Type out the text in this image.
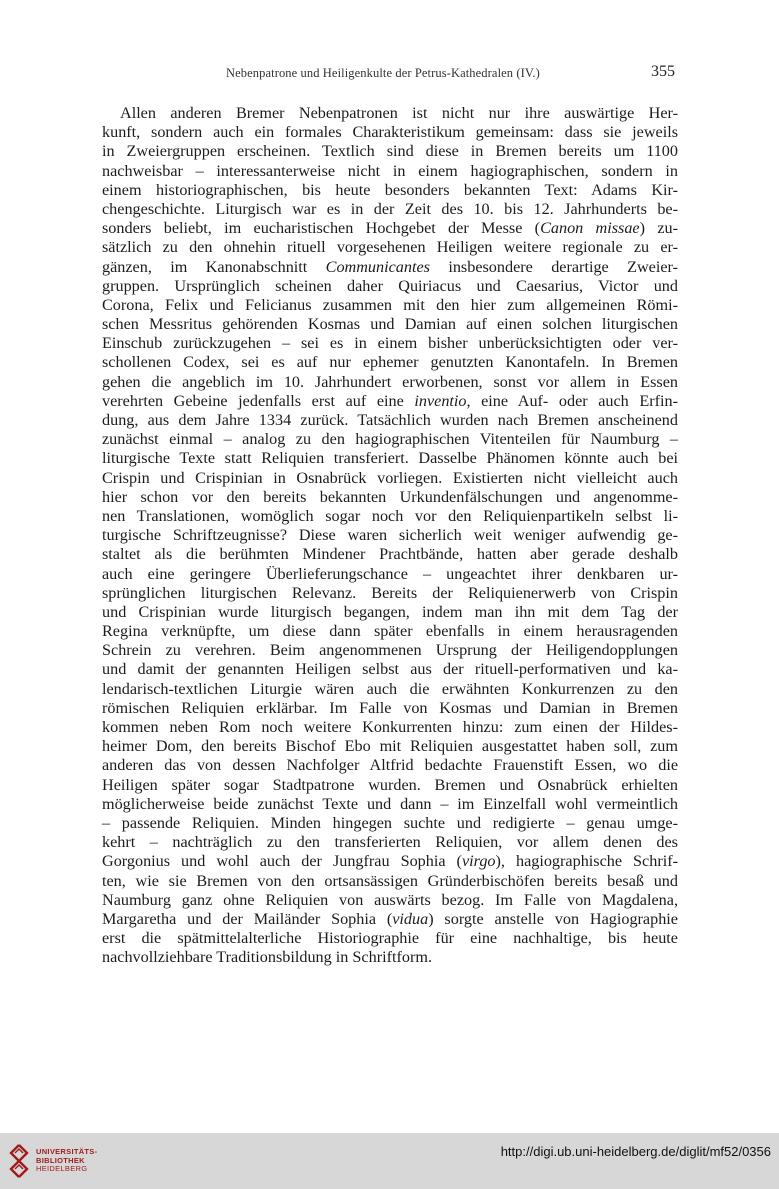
Nebenpatrone und Heiligenkulte der Petrus-Kathedralen (IV.)	355
Allen anderen Bremer Nebenpatronen ist nicht nur ihre auswärtige Her-
kunft, sondern auch ein formales Charakteristikum gemeinsam: dass sie jeweils
in Zweiergruppen erscheinen. Textlich sind diese in Bremen bereits um 1100
nachweisbar – interessanterweise nicht in einem hagiographischen, sondern in
einem historiographischen, bis heute besonders bekannten Text: Adams Kir-
chengeschichte. Liturgisch war es in der Zeit des 10. bis 12. Jahrhunderts be-
sonders beliebt, im eucharistischen Hochgebet der Messe (Canon missae) zu-
sätzlich zu den ohnehin rituell vorgesehenen Heiligen weitere regionale zu er-
gänzen, im Kanonabschnitt Communicantes insbesondere derartige Zweier-
gruppen. Ursprünglich scheinen daher Quiriacus und Caesarius, Victor und
Corona, Felix und Felicianus zusammen mit den hier zum allgemeinen Römi-
schen Messritus gehörenden Kosmas und Damian auf einen solchen liturgischen
Einschub zurückzugehen – sei es in einem bisher unberücksichtigten oder ver-
schollenen Codex, sei es auf nur ephemer genutzten Kanontafeln. In Bremen
gehen die angeblich im 10. Jahrhundert erworbenen, sonst vor allem in Essen
verehrten Gebeine jedenfalls erst auf eine inventio, eine Auf- oder auch Erfin-
dung, aus dem Jahre 1334 zurück. Tatsächlich wurden nach Bremen anscheinend
zunächst einmal – analog zu den hagiographischen Vitenteilen für Naumburg –
liturgische Texte statt Reliquien transferiert. Dasselbe Phänomen könnte auch bei
Crispin und Crispinian in Osnabrück vorliegen. Existierten nicht vielleicht auch
hier schon vor den bereits bekannten Urkundenfälschungen und angenomme-
nen Translationen, womöglich sogar noch vor den Reliquienpartikeln selbst li-
turgische Schriftzeugnisse? Diese waren sicherlich weit weniger aufwendig ge-
staltet als die berühmten Mindener Prachtbände, hatten aber gerade deshalb
auch eine geringere Überlieferungschance – ungeachtet ihrer denkbaren ur-
sprünglichen liturgischen Relevanz. Bereits der Reliquienerwerb von Crispin
und Crispinian wurde liturgisch begangen, indem man ihn mit dem Tag der
Regina verknüpfte, um diese dann später ebenfalls in einem herausragenden
Schrein zu verehren. Beim angenommenen Ursprung der Heiligendopplungen
und damit der genannten Heiligen selbst aus der rituell-performativen und ka-
lendarisch-textlichen Liturgie wären auch die erwähnten Konkurrenzen zu den
römischen Reliquien erklärbar. Im Falle von Kosmas und Damian in Bremen
kommen neben Rom noch weitere Konkurrenten hinzu: zum einen der Hildes-
heimer Dom, den bereits Bischof Ebo mit Reliquien ausgestattet haben soll, zum
anderen das von dessen Nachfolger Altfrid bedachte Frauenstift Essen, wo die
Heiligen später sogar Stadtpatrone wurden. Bremen und Osnabrück erhielten
möglicherweise beide zunächst Texte und dann – im Einzelfall wohl vermeintlich
– passende Reliquien. Minden hingegen suchte und redigierte – genau umge-
kehrt – nachträglich zu den transferierten Reliquien, vor allem denen des
Gorgonius und wohl auch der Jungfrau Sophia (virgo), hagiographische Schrif-
ten, wie sie Bremen von den ortsansässigen Gründerbischöfen bereits besaß und
Naumburg ganz ohne Reliquien von auswärts bezog. Im Falle von Magdalena,
Margaretha und der Mailänder Sophia (vidua) sorgte anstelle von Hagiographie
erst die spätmittelalterliche Historiographie für eine nachhaltige, bis heute
nachvollziehbare Traditionsbildung in Schriftform.
UNIVERSITÄTS-
BIBLIOTHEK
HEIDELBERG
http://digi.ub.uni-heidelberg.de/diglit/mf52/0356
